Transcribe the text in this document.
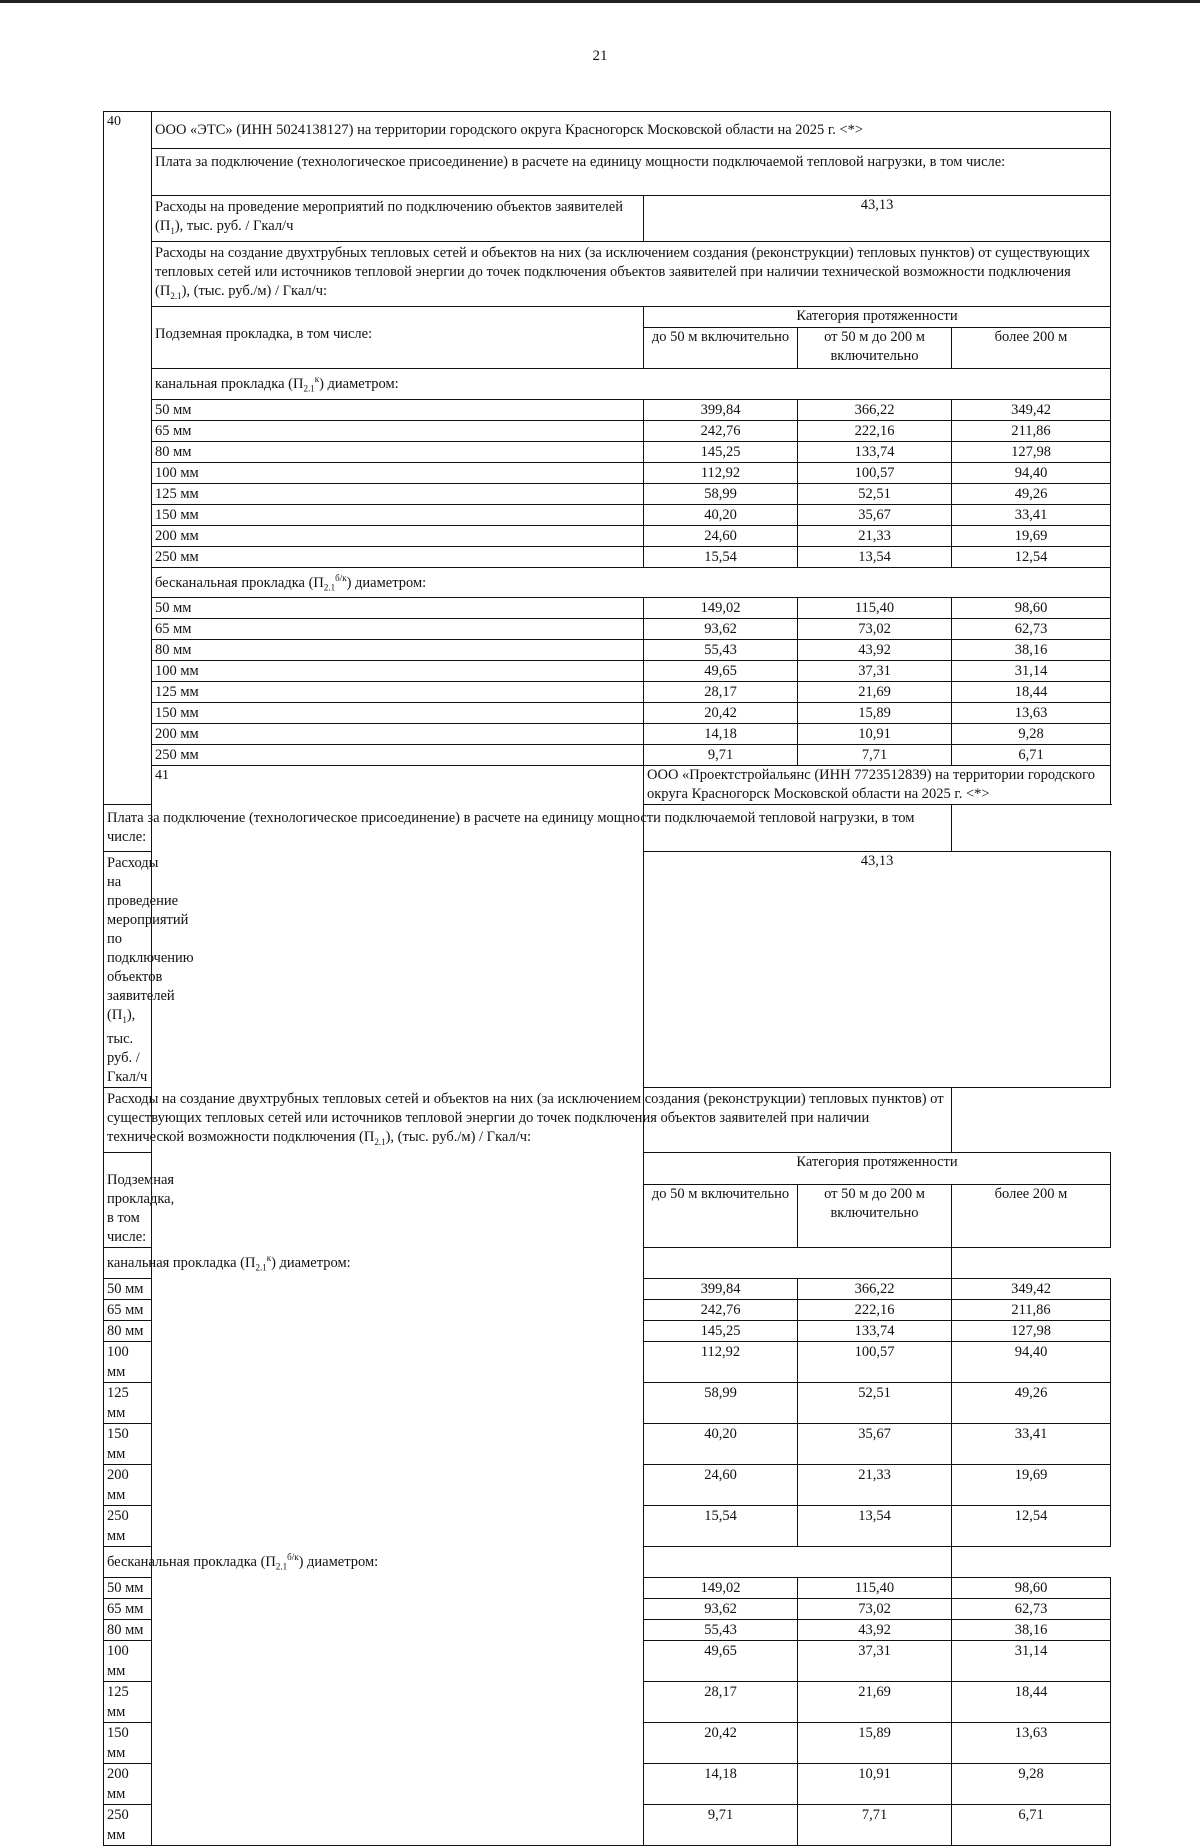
21
40	ООО «ЭТС» (ИНН 5024138127) на территории городского округа Красногорск Московской области на 2025 г. <*>			
	Плата за подключение (технологическое присоединение) в расчете на единицу мощности подключаемой тепловой нагрузки, в том числе:			
	Расходы на проведение мероприятий по подключению объектов заявителей $(П_1)$, тыс. руб. / Гкал/ч	43,13		
	Расходы на создание двухтрубных тепловых сетей и объектов на них (за исключением создания (реконструкции) тепловых пунктов) от существующих тепловых сетей или источников тепловой энергии до точек подключения объектов заявителей при наличии технической возможности подключения $(П_{2.1})$, (тыс. руб./м) / Гкал/ч:			
	Подземная прокладка, в том числе:	Категория протяженности		
		до 50 м включительно	от 50 м до 200 м включительно	более 200 м
	канальная прокладка $(П_{2.1}^к)$ диаметром:			
	50 мм	399,84	366,22	349,42
	65 мм	242,76	222,16	211,86
	80 мм	145,25	133,74	127,98
	100 мм	112,92	100,57	94,40
	125 мм	58,99	52,51	49,26
	150 мм	40,20	35,67	33,41
	200 мм	24,60	21,33	19,69
	250 мм	15,54	13,54	12,54
	бесканальная прокладка $(П_{2.1}^{б/к})$ диаметром:			
	50 мм	149,02	115,40	98,60
	65 мм	93,62	73,02	62,73
	80 мм	55,43	43,92	38,16
	100 мм	49,65	37,31	31,14
	125 мм	28,17	21,69	18,44
	150 мм	20,42	15,89	13,63
	200 мм	14,18	10,91	9,28
	250 мм	9,71	7,71	6,71
	41	ООО «Проектстройальянс (ИНН 7723512839) на территории городского округа Красногорск Московской области на 2025 г. <*>		
Плата за подключение (технологическое присоединение) в расчете на единицу мощности подключаемой тепловой нагрузки, в том числе:				
Расходы на проведение мероприятий по подключению объектов заявителей $(П_1)$, тыс. руб. / Гкал/ч		43,13		
Расходы на создание двухтрубных тепловых сетей и объектов на них (за исключением создания (реконструкции) тепловых пунктов) от существующих тепловых сетей или источников тепловой энергии до точек подключения объектов заявителей при наличии технической возможности подключения $(П_{2.1})$, (тыс. руб./м) / Гкал/ч:				
Подземная прокладка, в том числе:		Категория протяженности		
		до 50 м включительно	от 50 м до 200 м включительно	более 200 м
канальная прокладка $(П_{2.1}^к)$ диаметром:				
50 мм		399,84	366,22	349,42
65 мм		242,76	222,16	211,86
80 мм		145,25	133,74	127,98
100 мм		112,92	100,57	94,40
125 мм		58,99	52,51	49,26
150 мм		40,20	35,67	33,41
200 мм		24,60	21,33	19,69
250 мм		15,54	13,54	12,54
бесканальная прокладка $(П_{2.1}^{б/к})$ диаметром:				
50 мм		149,02	115,40	98,60
65 мм		93,62	73,02	62,73
80 мм		55,43	43,92	38,16
100 мм		49,65	37,31	31,14
125 мм		28,17	21,69	18,44
150 мм		20,42	15,89	13,63
200 мм		14,18	10,91	9,28
250 мм		9,71	7,71	6,71
